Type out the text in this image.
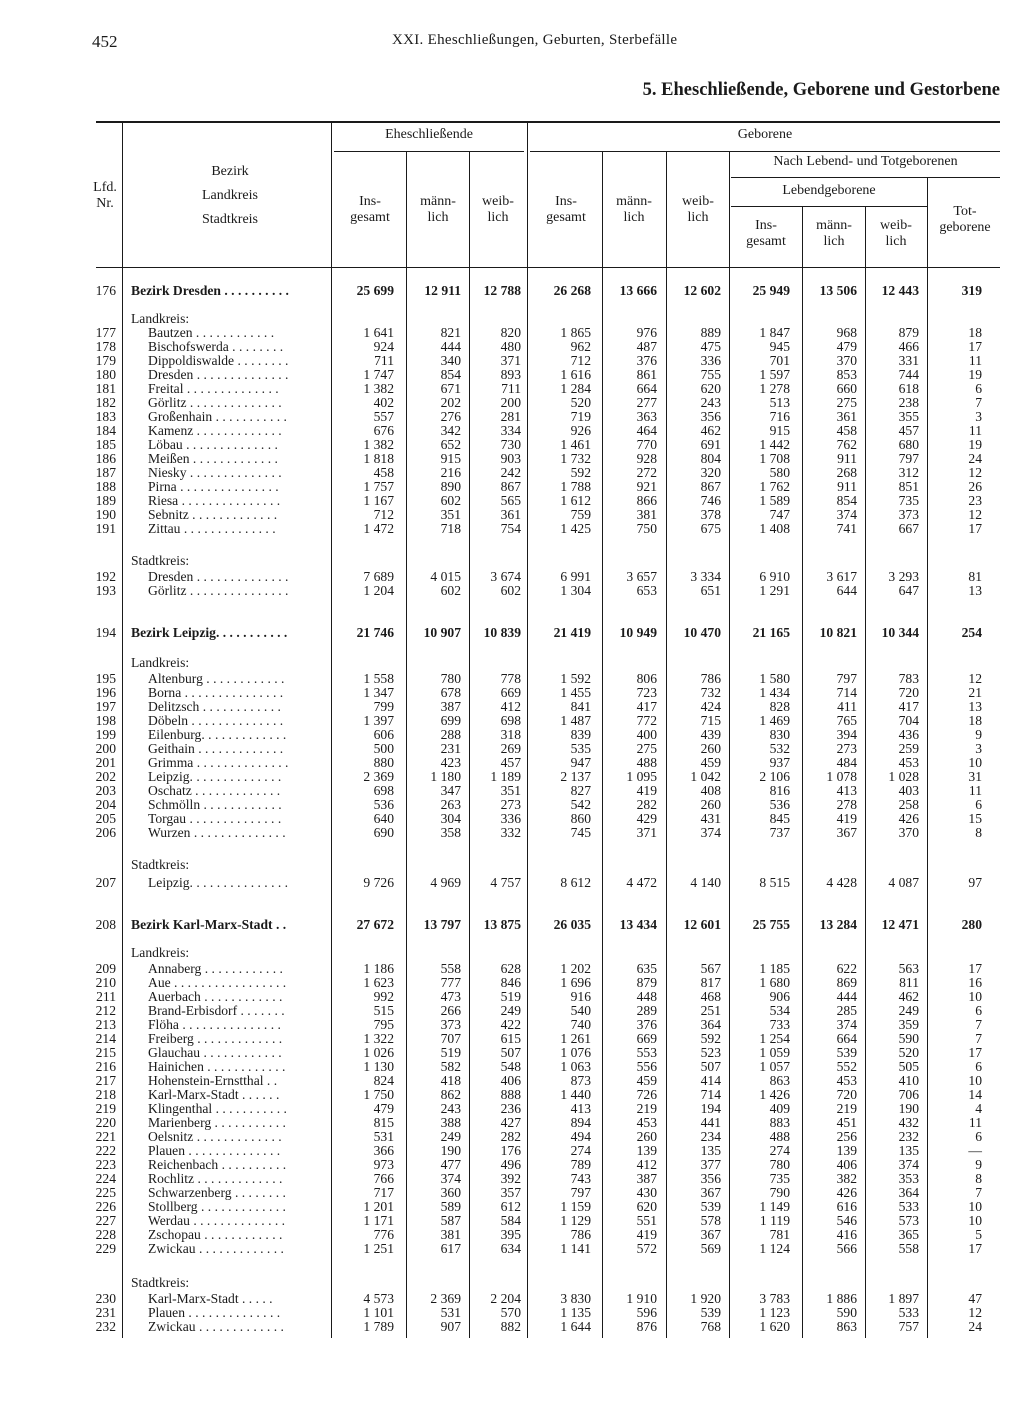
452	XXI. Eheschließungen, Geburten, Sterbefälle
5. Eheschließende, Geborene und Gestorbene
Lfd. Nr.
Bezirk
Landkreis
Stadtkreis
Eheschließende	Geborene
Nach Lebend- und Totgeborenen
Lebendgeborene
Ins- gesamt
männ- lich
weib- lich
Ins- gesamt
männ- lich
weib- lich
Ins- gesamt
männ- lich
weib- lich
Tot- geborene
176 Bezirk Dresden . . . . . . . . . .	25 699	12 911	12 788	26 268	13 666	12 602	25 949	13 506	12 443	319
Landkreis:
177 Bautzen . . . . . . . . . . . .	1 641	821	820	1 865	976	889	1 847	968	879	18
178 Bischofswerda . . . . . . . .	924	444	480	962	487	475	945	479	466	17
179 Dippoldiswalde . . . . . . . .	711	340	371	712	376	336	701	370	331	11
180 Dresden . . . . . . . . . . . . . .	1 747	854	893	1 616	861	755	1 597	853	744	19
181 Freital . . . . . . . . . . . . . .	1 382	671	711	1 284	664	620	1 278	660	618	6
182 Görlitz . . . . . . . . . . . . . .	402	202	200	520	277	243	513	275	238	7
183 Großenhain . . . . . . . . . . .	557	276	281	719	363	356	716	361	355	3
184 Kamenz . . . . . . . . . . . . .	676	342	334	926	464	462	915	458	457	11
185 Löbau . . . . . . . . . . . . . .	1 382	652	730	1 461	770	691	1 442	762	680	19
186 Meißen . . . . . . . . . . . . .	1 818	915	903	1 732	928	804	1 708	911	797	24
187 Niesky . . . . . . . . . . . . . .	458	216	242	592	272	320	580	268	312	12
188 Pirna . . . . . . . . . . . . . . .	1 757	890	867	1 788	921	867	1 762	911	851	26
189 Riesa . . . . . . . . . . . . . . .	1 167	602	565	1 612	866	746	1 589	854	735	23
190 Sebnitz . . . . . . . . . . . . .	712	351	361	759	381	378	747	374	373	12
191 Zittau . . . . . . . . . . . . . .	1 472	718	754	1 425	750	675	1 408	741	667	17
Stadtkreis:
192 Dresden . . . . . . . . . . . . . .	7 689	4 015	3 674	6 991	3 657	3 334	6 910	3 617	3 293	81
193 Görlitz . . . . . . . . . . . . . . .	1 204	602	602	1 304	653	651	1 291	644	647	13
194 Bezirk Leipzig. . . . . . . . . . .	21 746	10 907	10 839	21 419	10 949	10 470	21 165	10 821	10 344	254
Landkreis:
195 Altenburg . . . . . . . . . . . .	1 558	780	778	1 592	806	786	1 580	797	783	12
196 Borna . . . . . . . . . . . . . . .	1 347	678	669	1 455	723	732	1 434	714	720	21
197 Delitzsch . . . . . . . . . . . .	799	387	412	841	417	424	828	411	417	13
198 Döbeln . . . . . . . . . . . . . .	1 397	699	698	1 487	772	715	1 469	765	704	18
199 Eilenburg. . . . . . . . . . . . .	606	288	318	839	400	439	830	394	436	9
200 Geithain . . . . . . . . . . . . .	500	231	269	535	275	260	532	273	259	3
201 Grimma . . . . . . . . . . . . . .	880	423	457	947	488	459	937	484	453	10
202 Leipzig. . . . . . . . . . . . . .	2 369	1 180	1 189	2 137	1 095	1 042	2 106	1 078	1 028	31
203 Oschatz . . . . . . . . . . . . .	698	347	351	827	419	408	816	413	403	11
204 Schmölln . . . . . . . . . . . .	536	263	273	542	282	260	536	278	258	6
205 Torgau . . . . . . . . . . . . . .	640	304	336	860	429	431	845	419	426	15
206 Wurzen . . . . . . . . . . . . . .	690	358	332	745	371	374	737	367	370	8
Stadtkreis:
207 Leipzig. . . . . . . . . . . . . . .	9 726	4 969	4 757	8 612	4 472	4 140	8 515	4 428	4 087	97
208 Bezirk Karl-Marx-Stadt . .	27 672	13 797	13 875	26 035	13 434	12 601	25 755	13 284	12 471	280
Landkreis:
209 Annaberg . . . . . . . . . . . .	1 186	558	628	1 202	635	567	1 185	622	563	17
210 Aue . . . . . . . . . . . . . . . . .	1 623	777	846	1 696	879	817	1 680	869	811	16
211 Auerbach . . . . . . . . . . . .	992	473	519	916	448	468	906	444	462	10
212 Brand-Erbisdorf . . . . . . .	515	266	249	540	289	251	534	285	249	6
213 Flöha . . . . . . . . . . . . . . .	795	373	422	740	376	364	733	374	359	7
214 Freiberg . . . . . . . . . . . . .	1 322	707	615	1 261	669	592	1 254	664	590	7
215 Glauchau . . . . . . . . . . . .	1 026	519	507	1 076	553	523	1 059	539	520	17
216 Hainichen . . . . . . . . . . . .	1 130	582	548	1 063	556	507	1 057	552	505	6
217 Hohenstein-Ernstthal . .	824	418	406	873	459	414	863	453	410	10
218 Karl-Marx-Stadt . . . . . .	1 750	862	888	1 440	726	714	1 426	720	706	14
219 Klingenthal . . . . . . . . . . .	479	243	236	413	219	194	409	219	190	4
220 Marienberg . . . . . . . . . . .	815	388	427	894	453	441	883	451	432	11
221 Oelsnitz . . . . . . . . . . . . .	531	249	282	494	260	234	488	256	232	6
222 Plauen . . . . . . . . . . . . . .	366	190	176	274	139	135	274	139	135	—
223 Reichenbach . . . . . . . . . .	973	477	496	789	412	377	780	406	374	9
224 Rochlitz . . . . . . . . . . . . .	766	374	392	743	387	356	735	382	353	8
225 Schwarzenberg . . . . . . . .	717	360	357	797	430	367	790	426	364	7
226 Stollberg . . . . . . . . . . . . .	1 201	589	612	1 159	620	539	1 149	616	533	10
227 Werdau . . . . . . . . . . . . . .	1 171	587	584	1 129	551	578	1 119	546	573	10
228 Zschopau . . . . . . . . . . . .	776	381	395	786	419	367	781	416	365	5
229 Zwickau . . . . . . . . . . . . .	1 251	617	634	1 141	572	569	1 124	566	558	17
Stadtkreis:
230 Karl-Marx-Stadt . . . . .	4 573	2 369	2 204	3 830	1 910	1 920	3 783	1 886	1 897	47
231 Plauen . . . . . . . . . . . . . .	1 101	531	570	1 135	596	539	1 123	590	533	12
232 Zwickau . . . . . . . . . . . . .	1 789	907	882	1 644	876	768	1 620	863	757	24
